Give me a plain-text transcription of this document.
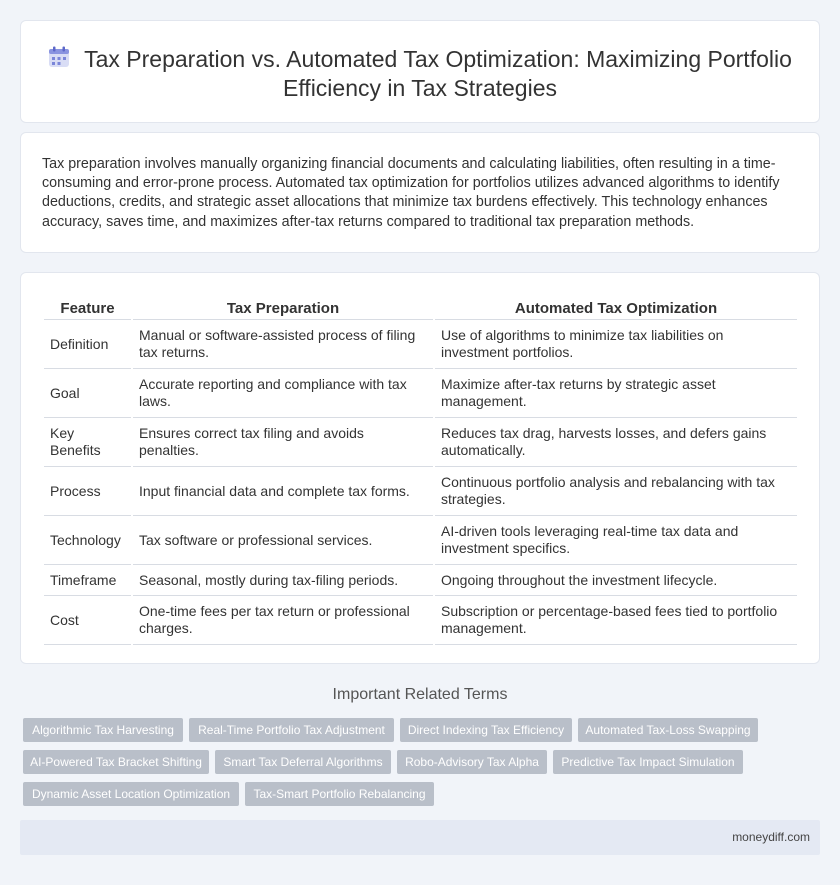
Tax Preparation vs. Automated Tax Optimization: Maximizing Portfolio Efficiency in Tax Strategies

Tax preparation involves manually organizing financial documents and calculating liabilities, often resulting in a time-consuming and error-prone process. Automated tax optimization for portfolios utilizes advanced algorithms to identify deductions, credits, and strategic asset allocations that minimize tax burdens effectively. This technology enhances accuracy, saves time, and maximizes after-tax returns compared to traditional tax preparation methods.

Feature	Tax Preparation	Automated Tax Optimization
Definition	Manual or software-assisted process of filing tax returns.	Use of algorithms to minimize tax liabilities on investment portfolios.
Goal	Accurate reporting and compliance with tax laws.	Maximize after-tax returns by strategic asset management.
Key Benefits	Ensures correct tax filing and avoids penalties.	Reduces tax drag, harvests losses, and defers gains automatically.
Process	Input financial data and complete tax forms.	Continuous portfolio analysis and rebalancing with tax strategies.
Technology	Tax software or professional services.	AI-driven tools leveraging real-time tax data and investment specifics.
Timeframe	Seasonal, mostly during tax-filing periods.	Ongoing throughout the investment lifecycle.
Cost	One-time fees per tax return or professional charges.	Subscription or percentage-based fees tied to portfolio management.
Important Related Terms
Algorithmic Tax Harvesting	Real-Time Portfolio Tax Adjustment	Direct Indexing Tax Efficiency	Automated Tax-Loss Swapping
AI-Powered Tax Bracket Shifting	Smart Tax Deferral Algorithms	Robo-Advisory Tax Alpha	Predictive Tax Impact Simulation
Dynamic Asset Location Optimization	Tax-Smart Portfolio Rebalancing
moneydiff.com
